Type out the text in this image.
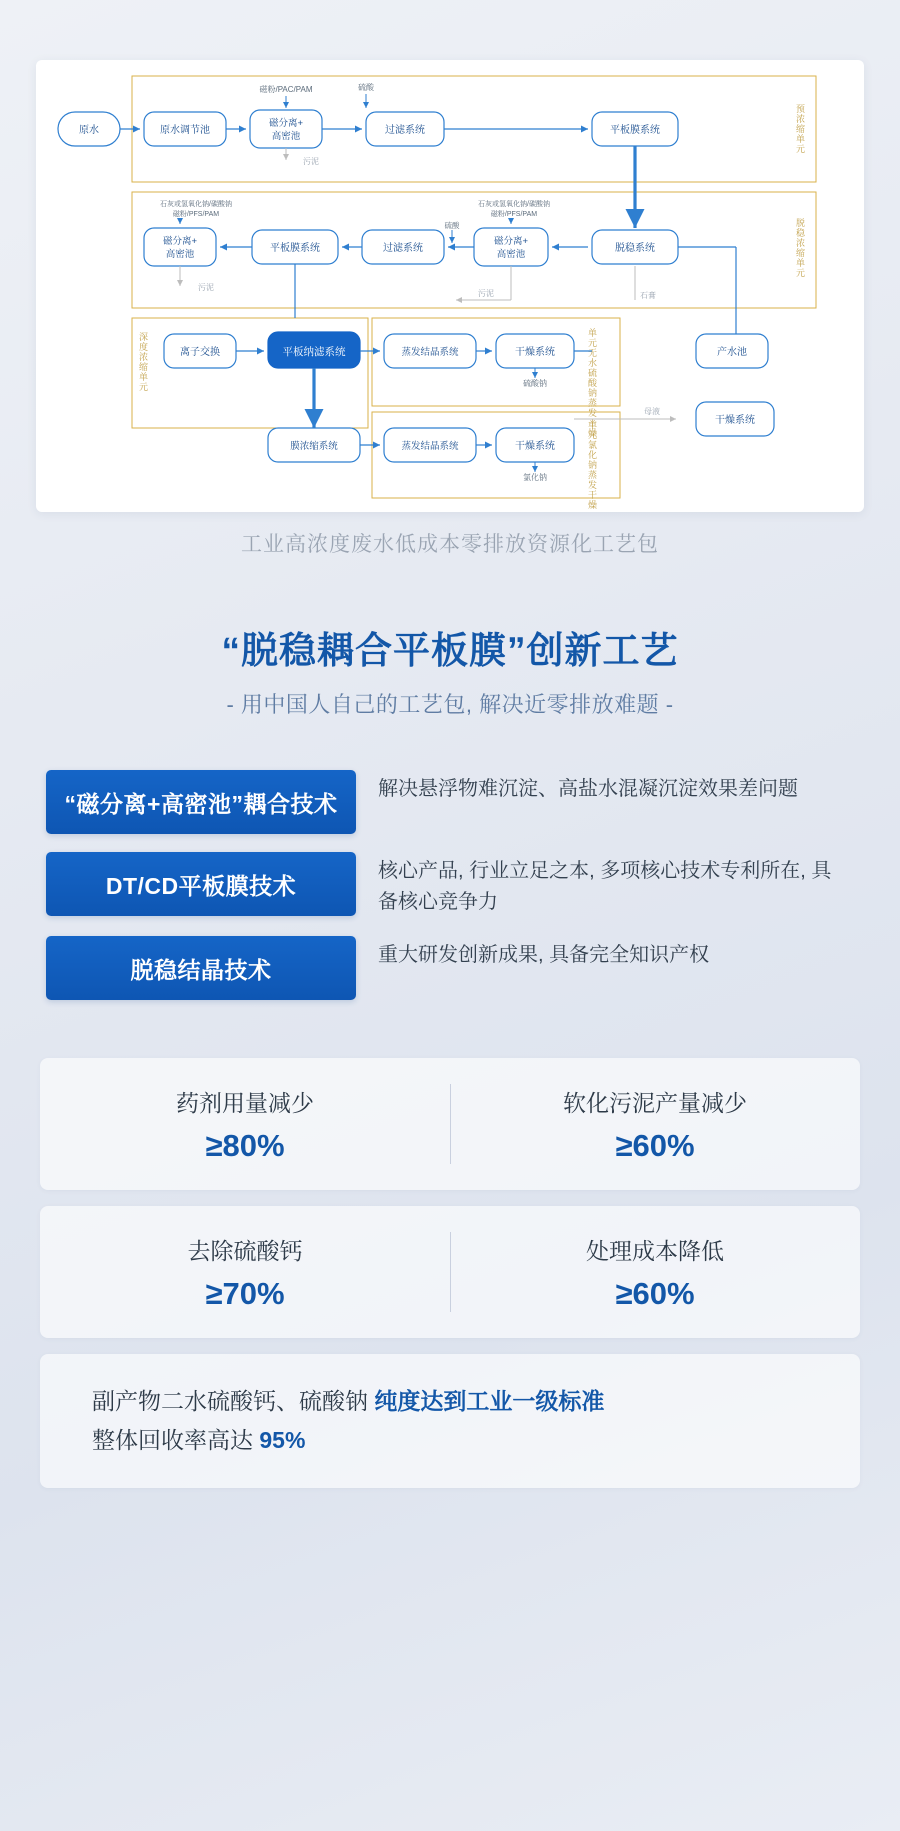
预浓缩单元
脱稳浓缩单元
深度浓缩单元	单元无水硫酸钠蒸发干燥
单元氯化钠蒸发干燥
原水	原水调节池
磁分离+
高密池
过滤系统	平板膜系统
磁粉/PAC/PAM	硫酸
污泥
磁分离+
高密池
平板膜系统	过滤系统
磁分离+
高密池
脱稳系统
石灰或氢氧化钠/碳酸钠
磁粉/PFS/PAM
石灰或氢氧化钠/碳酸钠
磁粉/PFS/PAM
硫酸
污泥
污泥	石膏
离子交换	平板纳滤系统	蒸发结晶系统	干燥系统	产水池
干燥系统
硫酸钠
膜浓缩系统	蒸发结晶系统	干燥系统
氯化钠
母液
工业高浓度废水低成本零排放资源化工艺包
“脱稳耦合平板膜”创新工艺
- 用中国人自己的工艺包, 解决近零排放难题 -
“磁分离+高密池”耦合技术
解决悬浮物难沉淀、高盐水混凝沉淀效果差问题
DT/CD平板膜技术
核心产品, 行业立足之本, 多项核心技术专利所在, 具备核心竞争力
脱稳结晶技术
重大研发创新成果, 具备完全知识产权
药剂用量减少
≥80%
软化污泥产量减少
≥60%
去除硫酸钙
≥70%
处理成本降低
≥60%
副产物二水硫酸钙、硫酸钠 纯度达到工业一级标准
整体回收率高达 95%
